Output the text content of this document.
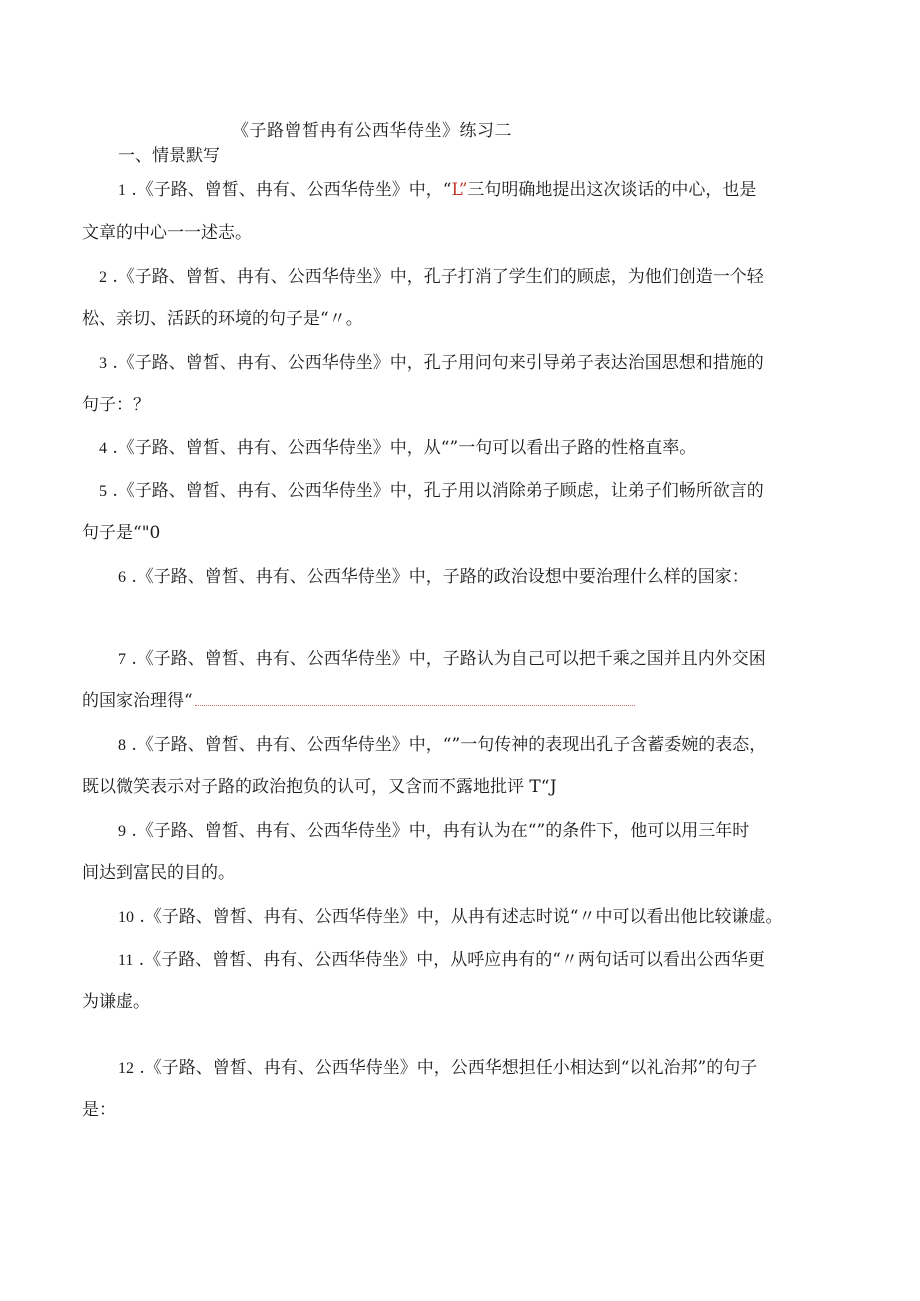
《子路曾皙冉有公西华侍坐》练习二
一、情景默写
1 .《子路、曾皙、冉有、公西华侍坐》中，“L”三句明确地提出这次谈话的中心，也是
文章的中心一一述志。
2 .《子路、曾皙、冉有、公西华侍坐》中，孔子打消了学生们的顾虑，为他们创造一个轻
松、亲切、活跃的环境的句子是“〃。
3 .《子路、曾皙、冉有、公西华侍坐》中，孔子用问句来引导弟子表达治国思想和措施的
句子：？
4 .《子路、曾皙、冉有、公西华侍坐》中，从“”一句可以看出子路的性格直率。
5 .《子路、曾皙、冉有、公西华侍坐》中，孔子用以消除弟子顾虑，让弟子们畅所欲言的
句子是“"0
6 .《子路、曾皙、冉有、公西华侍坐》中，子路的政治设想中要治理什么样的国家：
7 .《子路、曾皙、冉有、公西华侍坐》中，子路认为自己可以把千乘之国并且内外交困
的国家治理得“
8 .《子路、曾皙、冉有、公西华侍坐》中，“”一句传神的表现出孔子含蓄委婉的表态，
既以微笑表示对子路的政治抱负的认可，又含而不露地批评 T“J
9 .《子路、曾皙、冉有、公西华侍坐》中，冉有认为在“”的条件下，他可以用三年时
间达到富民的目的。
10 .《子路、曾皙、冉有、公西华侍坐》中，从冉有述志时说“〃中可以看出他比较谦虚。
11 .《子路、曾皙、冉有、公西华侍坐》中，从呼应冉有的“〃两句话可以看出公西华更
为谦虚。
12 .《子路、曾皙、冉有、公西华侍坐》中，公西华想担任小相达到“以礼治邦”的句子
是：
